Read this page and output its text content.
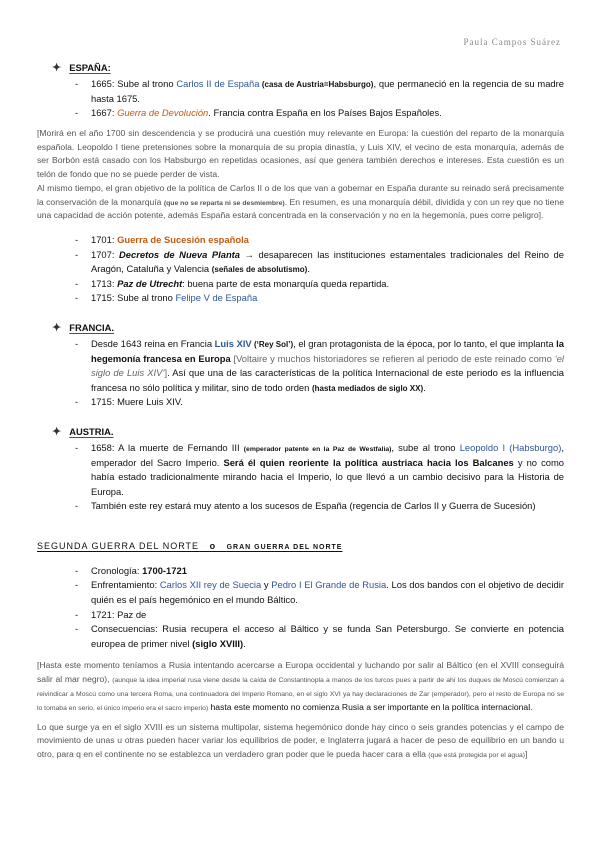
Paula Campos Suárez
✦ ESPAÑA:
- 1665: Sube al trono Carlos II de España (casa de Austria=Habsburgo), que permaneció en la regencia de su madre hasta 1675.
- 1667: Guerra de Devolución. Francia contra España en los Países Bajos Españoles.
[Morirá en el año 1700 sin descendencia y se producirá una cuestión muy relevante en Europa: la cuestión del reparto de la monarquía española. Leopoldo I tiene pretensiones sobre la monarquía de su propia dinastía, y Luis XIV, el vecino de esta monarquía, además de ser Borbón está casado con los Habsburgo en repetidas ocasiones, así que genera también derechos e intereses. Esta cuestión es un telón de fondo que no se puede perder de vista.
Al mismo tiempo, el gran objetivo de la política de Carlos II o de los que van a gobernar en España durante su reinado será precisamente la conservación de la monarquía (que no se reparta ni se desmiembre). En resumen, es una monarquía débil, dividida y con un rey que no tiene una capacidad de acción potente, además España estará concentrada en la conservación y no en la hegemonía, pues corre peligro].
- 1701: Guerra de Sucesión española
- 1707: Decretos de Nueva Planta → desaparecen las instituciones estamentales tradicionales del Reino de Aragón, Cataluña y Valencia (señales de absolutismo).
- 1713: Paz de Utrecht: buena parte de esta monarquía queda repartida.
- 1715: Sube al trono Felipe V de España
✦ FRANCIA.
- Desde 1643 reina en Francia Luis XIV (‘Rey Sol’), el gran protagonista de la época, por lo tanto, el que implanta la hegemonía francesa en Europa [Voltaire y muchos historiadores se refieren al periodo de este reinado como ‘el siglo de Luis XIV’]. Así que una de las características de la política Internacional de este periodo es la influencia francesa no sólo política y militar, sino de todo orden (hasta mediados de siglo XX).
- 1715: Muere Luis XIV.
✦ AUSTRIA.
- 1658: A la muerte de Fernando III (emperador patente en la Paz de Westfalia), sube al trono Leopoldo I (Habsburgo), emperador del Sacro Imperio. Será él quien reoriente la política austriaca hacia los Balcanes y no como había estado tradicionalmente mirando hacia el Imperio, lo que llevó a un cambio decisivo para la Historia de Europa.
- También este rey estará muy atento a los sucesos de España (regencia de Carlos II y Guerra de Sucesión)
SEGUNDA GUERRA DEL NORTE o GRAN GUERRA DEL NORTE
- Cronología: 1700-1721
- Enfrentamiento: Carlos XII rey de Suecia y Pedro I El Grande de Rusia. Los dos bandos con el objetivo de decidir quién es el país hegemónico en el mundo Báltico.
- 1721: Paz de
- Consecuencias: Rusia recupera el acceso al Báltico y se funda San Petersburgo. Se convierte en potencia europea de primer nivel (siglo XVIII).
[Hasta este momento teníamos a Rusia intentando acercarse a Europa occidental y luchando por salir al Báltico (en el XVIII conseguirá salir al mar negro), (aunque la idea imperial rusa viene desde la caída de Constantinopla a manos de los turcos pues a partir de ahí los duques de Moscú comienzan a reivindicar a Moscú como una tercera Roma, una continuadora del Imperio Romano, en el siglo XVI ya hay declaraciones de Zar (emperador), pero el resto de Europa no se lo tomaba en serio, el único imperio era el sacro imperio) hasta este momento no comienza Rusia a ser importante en la política internacional.
Lo que surge ya en el siglo XVIII es un sistema multipolar, sistema hegemónico donde hay cinco o seis grandes potencias y el campo de movimiento de unas u otras pueden hacer variar los equilibrios de poder, e Inglaterra jugará a hacer de peso de equilibrio en un bando u otro, para q en el continente no se establezca un verdadero gran poder que le pueda hacer cara a ella (que está protegida por el agua)]
